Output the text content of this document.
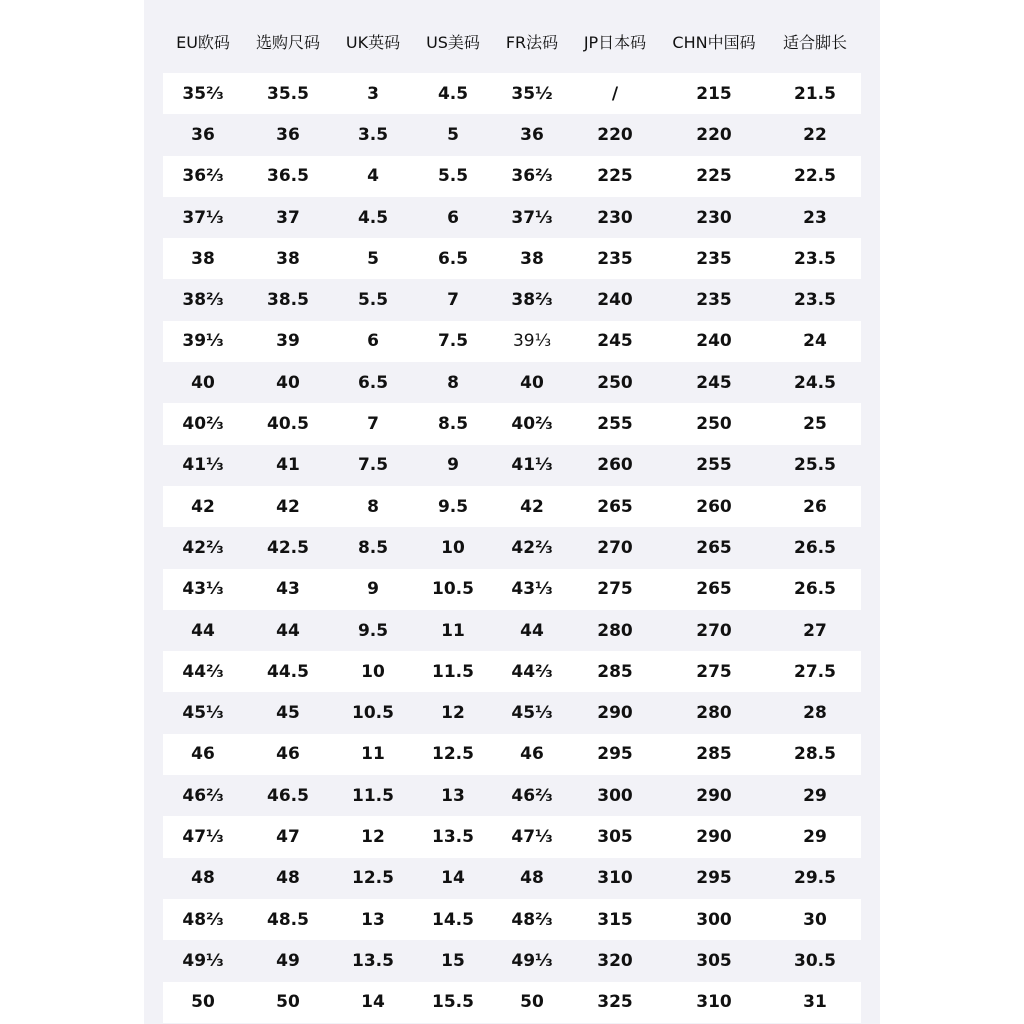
EU欧码	选购尺码	UK英码	US美码	FR法码	JP日本码	CHN中国码	适合脚长
35⅔	35.5	3	4.5	35½	/	215	21.5
36	36	3.5	5	36	220	220	22
36⅔	36.5	4	5.5	36⅔	225	225	22.5
37⅓	37	4.5	6	37⅓	230	230	23
38	38	5	6.5	38	235	235	23.5
38⅔	38.5	5.5	7	38⅔	240	235	23.5
39⅓	39	6	7.5	39⅓	245	240	24
40	40	6.5	8	40	250	245	24.5
40⅔	40.5	7	8.5	40⅔	255	250	25
41⅓	41	7.5	9	41⅓	260	255	25.5
42	42	8	9.5	42	265	260	26
42⅔	42.5	8.5	10	42⅔	270	265	26.5
43⅓	43	9	10.5	43⅓	275	265	26.5
44	44	9.5	11	44	280	270	27
44⅔	44.5	10	11.5	44⅔	285	275	27.5
45⅓	45	10.5	12	45⅓	290	280	28
46	46	11	12.5	46	295	285	28.5
46⅔	46.5	11.5	13	46⅔	300	290	29
47⅓	47	12	13.5	47⅓	305	290	29
48	48	12.5	14	48	310	295	29.5
48⅔	48.5	13	14.5	48⅔	315	300	30
49⅓	49	13.5	15	49⅓	320	305	30.5
50	50	14	15.5	50	325	310	31
